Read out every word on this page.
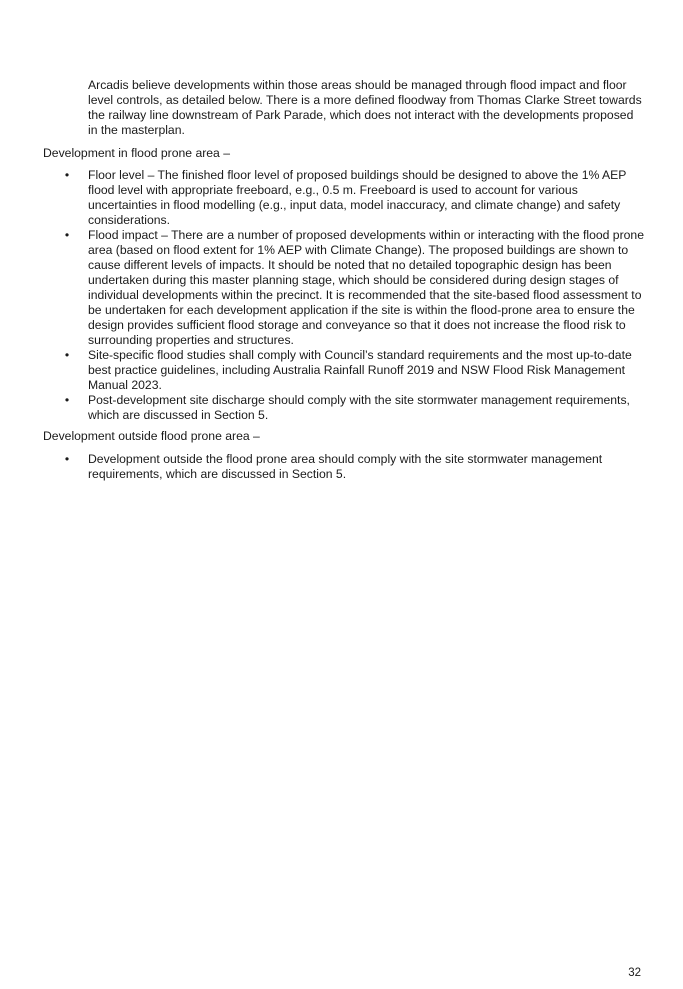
Arcadis believe developments within those areas should be managed through flood impact and floor level controls, as detailed below. There is a more defined floodway from Thomas Clarke Street towards the railway line downstream of Park Parade, which does not interact with the developments proposed in the masterplan.

Development in flood prone area –

• Floor level – The finished floor level of proposed buildings should be designed to above the 1% AEP flood level with appropriate freeboard, e.g., 0.5 m. Freeboard is used to account for various uncertainties in flood modelling (e.g., input data, model inaccuracy, and climate change) and safety considerations.
• Flood impact – There are a number of proposed developments within or interacting with the flood prone area (based on flood extent for 1% AEP with Climate Change). The proposed buildings are shown to cause different levels of impacts. It should be noted that no detailed topographic design has been undertaken during this master planning stage, which should be considered during design stages of individual developments within the precinct. It is recommended that the site-based flood assessment to be undertaken for each development application if the site is within the flood-prone area to ensure the design provides sufficient flood storage and conveyance so that it does not increase the flood risk to surrounding properties and structures.
• Site-specific flood studies shall comply with Council’s standard requirements and the most up-to-date best practice guidelines, including Australia Rainfall Runoff 2019 and NSW Flood Risk Management Manual 2023.
• Post-development site discharge should comply with the site stormwater management requirements, which are discussed in Section 5.

Development outside flood prone area –

• Development outside the flood prone area should comply with the site stormwater management requirements, which are discussed in Section 5.
32
